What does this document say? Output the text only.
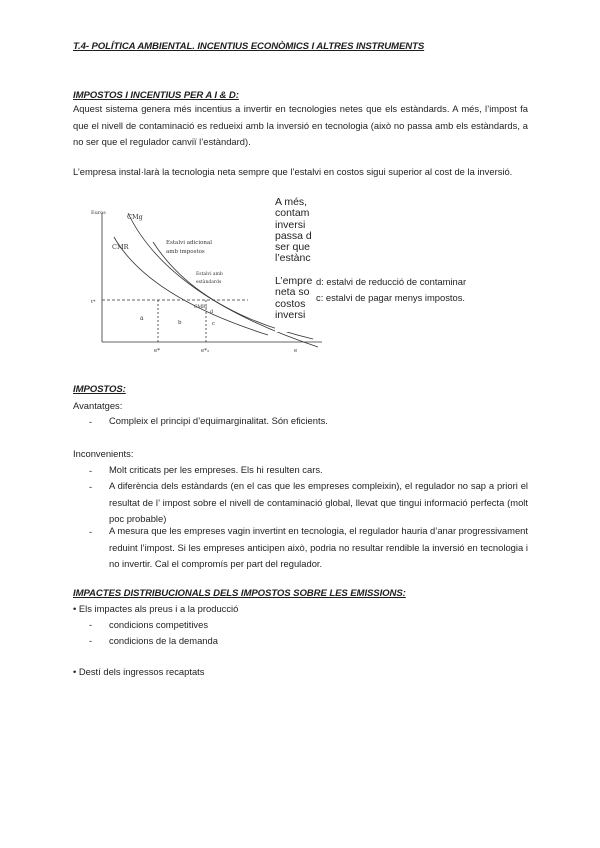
T.4- POLÍTICA AMBIENTAL. INCENTIUS ECONÒMICS I ALTRES INSTRUMENTS
IMPOSTOS I INCENTIUS PER A I & D:
Aquest sistema genera més incentius a invertir en tecnologies netes que els estàndards. A més, l’impost fa que el nivell de contaminació es redueixi amb la inversió en tecnologia (això no passa amb els estàndards, a no ser que el regulador canviï l’estàndard).
L’empresa instal·larà la tecnologia neta sempre que l’estalvi en costos sigui superior al cost de la inversió.
Euros	CMg
CMR	Estalvi adicional
amb impostos
Estalvi amb
estàndards
t*
a
b	c
d
CMR₂
e*	e*₂	e
A més,
contam
inversi
passa d
ser que
l’estànc
L’empre
neta so
costos
inversi
d: estalvi de reducció de contaminar
c: estalvi de pagar menys impostos.
IMPOSTOS:
Avantatges:
- Compleix el principi d’equimarginalitat. Són eficients.
Inconvenients:
- Molt criticats per les empreses. Els hi resulten cars.
- A diferència dels estàndards (en el cas que les empreses compleixin), el regulador no sap a priori el resultat de l’ impost sobre el nivell de contaminació global, llevat que tingui informació perfecta (molt poc probable)
- A mesura que les empreses vagin invertint en tecnologia, el regulador hauria d’anar progressivament reduint l’impost. Si les empreses anticipen això, podria no resultar rendible la inversió en tecnologia i no invertir. Cal el compromís per part del regulador.
IMPACTES DISTRIBUCIONALS DELS IMPOSTOS SOBRE LES EMISSIONS:
• Els impactes als preus i a la producció
- condicions competitives
- condicions de la demanda
• Destí dels ingressos recaptats
